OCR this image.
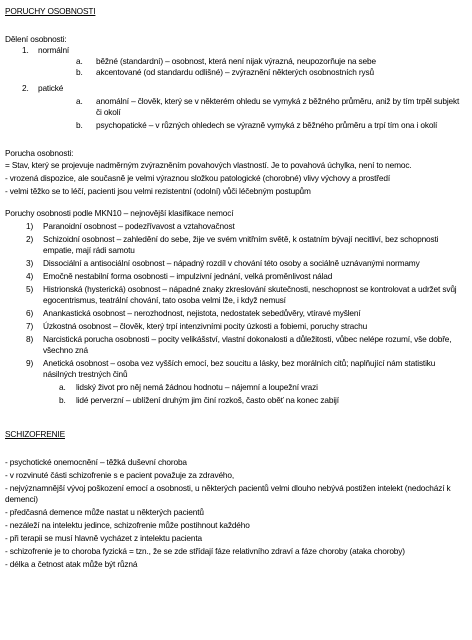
PORUCHY OSOBNOSTI
Dělení osobnosti:
1. normální
a. běžné (standardní) – osobnost, která není nijak výrazná, neupozorňuje na sebe
b. akcentované (od standardu odlišné) – zvýraznění některých osobnostních rysů
2. patické
a. anomální – člověk, který se v některém ohledu se vymyká z běžného průměru, aniž by tím trpěl subjekt či okolí
b. psychopatické – v různých ohledech se výrazně vymyká z běžného průměru a trpí tím ona i okolí
Porucha osobnosti:
= Stav, který se projevuje nadměrným zvýrazněním povahových vlastností. Je to povahová úchylka, není to nemoc.
- vrozená dispozice, ale současně je velmi výraznou složkou patologické (chorobné) vlivy výchovy a prostředí
- velmi těžko se to léčí, pacienti jsou velmi rezistentní (odolní) vůči léčebným postupům
Poruchy osobnosti podle MKN10 – nejnovější klasifikace nemocí
1) Paranoidní osobnost – podezřívavost a vztahovačnost
2) Schizoidní osobnost – zahledění do sebe, žije ve svém vnitřním světě, k ostatním bývají necitliví, bez schopnosti empatie, mají rádi samotu
3) Dissociální a antisociální osobnost – nápadný rozdíl v chování této osoby a sociálně uznávanými normamy
4) Emočně nestabilní forma osobnosti – impulzivní jednání, velká proměnlivost nálad
5) Histrionská (hysterická) osobnost – nápadné znaky zkreslování skutečnosti, neschopnost se kontrolovat a udržet svůj egocentrismus, teatrální chování, tato osoba velmi lže, i když nemusí
6) Anankastická osobnost – nerozhodnost, nejistota, nedostatek sebedůvěry, vtíravé myšlení
7) Úzkostná osobnost – člověk, který trpí intenzivními pocity úzkosti a fobiemi, poruchy strachu
8) Narcistická porucha osobnosti – pocity velikášství, vlastní dokonalosti a důležitosti, vůbec nelépe rozumí, vše dobře, všechno zná
9) Anetická osobnost – osoba vez vyšších emocí, bez soucitu a lásky, bez morálních citů; naplňující nám statistiku násilných trestných činů
a. lidský život pro něj nemá žádnou hodnotu – nájemní a loupežní vrazi
b. lidé perverzní – ublížení druhým jim činí rozkoš, často oběť na konec zabijí
SCHIZOFRENIE
- psychotické onemocnění – těžká duševní choroba
- v rozvinuté části schizofrenie s e pacient považuje za zdravého,
- nejvýznamnější vývoj poškození emocí a osobnosti, u některých pacientů velmi dlouho nebývá postižen intelekt (nedochází k demenci)
- předčasná demence může nastat u některých pacientů
- nezáleží na intelektu jedince, schizofrenie může postihnout každého
- při terapii se musí hlavně vycházet z intelektu pacienta
- schizofrenie je to choroba fyzická = tzn., že se zde střídají fáze relativního zdraví a fáze choroby (ataka choroby)
- délka a četnost atak může být různá
